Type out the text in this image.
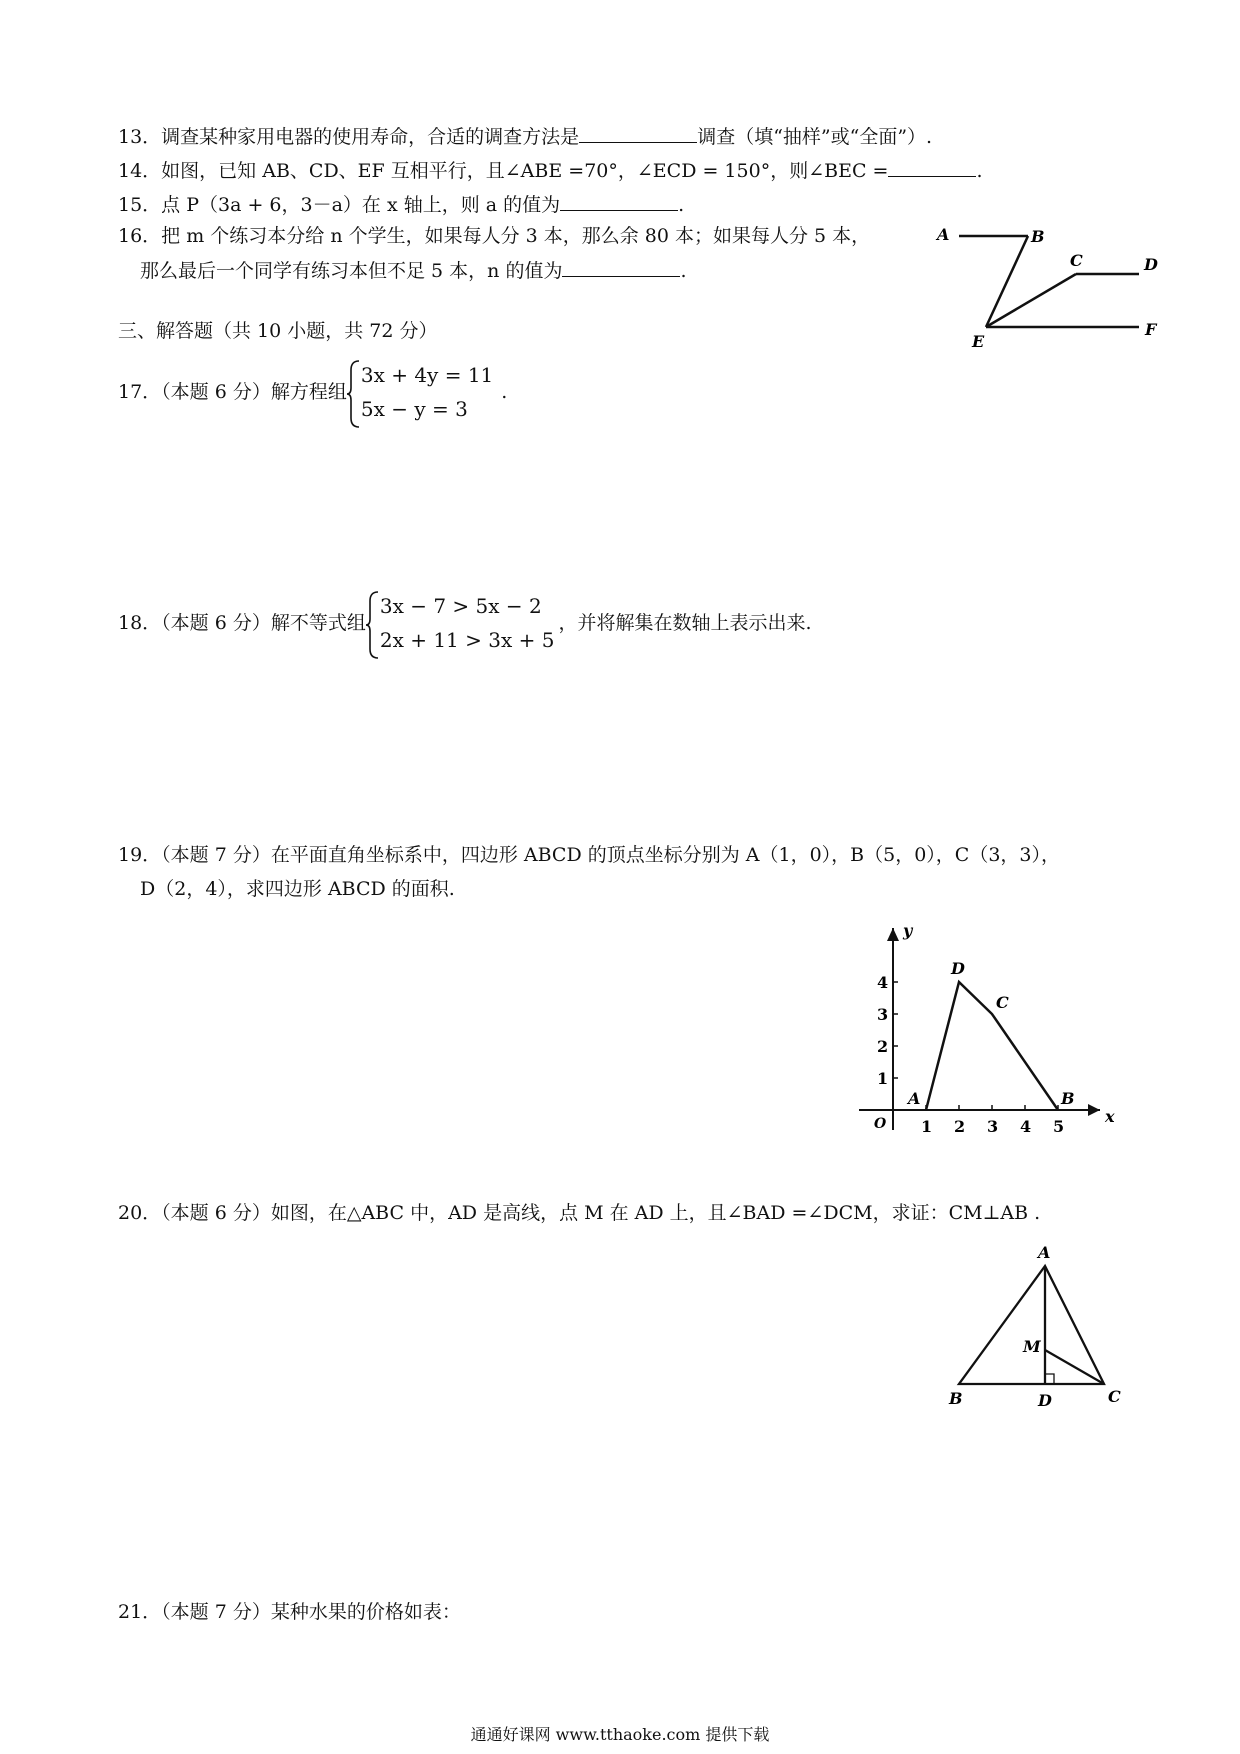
13．调查某种家用电器的使用寿命，合适的调查方法是	调查（填“抽样”或“全面”）.
14．如图，已知 AB、CD、EF 互相平行，且∠ABE =70°，∠ECD = 150°，则∠BEC =	.
15．点 P（3a + 6，3－a）在 x 轴上，则 a 的值为	.
16．把 m 个练习本分给 n 个学生，如果每人分 3 本，那么余 80 本；如果每人分 5 本，
那么最后一个同学有练习本但不足 5 本，n 的值为	.
A	B
C	D
E
F
三、解答题（共 10 小题，共 72 分）
17．（本题 6 分）解方程组
3x + 4y = 11
5x − y = 3
.
18．（本题 6 分）解不等式组
3x − 7 > 5x − 2
2x + 11 > 3x + 5
，并将解集在数轴上表示出来.
19．（本题 7 分）在平面直角坐标系中，四边形 ABCD 的顶点坐标分别为 A（1，0），B（5，0），C（3，3），
D（2，4），求四边形 ABCD 的面积.
y
x
O
A	B
C
D
1 2 3 4 5
1
2
3
4
20．（本题 6 分）如图，在△ABC 中，AD 是高线，点 M 在 AD 上，且∠BAD =∠DCM，求证：CM⊥AB .
A
B	C
D
M
21．（本题 7 分）某种水果的价格如表：
通通好课网 www.tthaoke.com 提供下载
